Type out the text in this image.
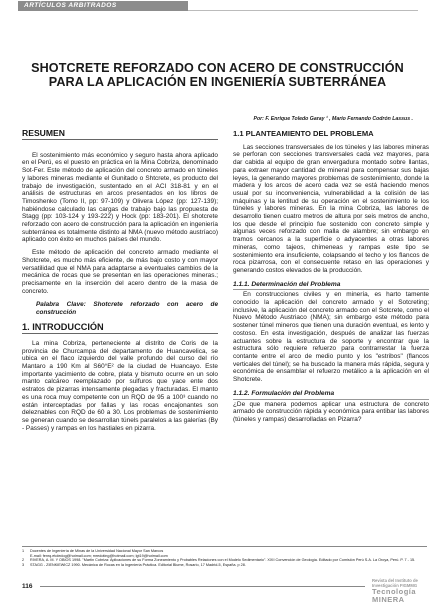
ARTÍCULOS ARBITRADOS
SHOTCRETE REFORZADO CON ACERO DE CONSTRUCCIÓN PARA LA APLICACIÓN EN INGENIERÍA SUBTERRÁNEA
Por: F. Enrique Toledo Garay ¹ , Mario Fernando Codrón Lassus .
RESUMEN

El sostenimiento más económico y seguro hasta ahora aplicado en el Perú, es el puesto en práctica en la Mina Cobriza, denominado Sot-Fer. Este método de aplicación del concreto armado en túneles y labores mineras mediante el Gunitado o Shtcrete, es producto del trabajo de investigación, sustentado en el ACI 318-81 y en el análisis de estructuras en arcos presentados en los libros de Timoshenko (Tomo II, pp: 97-109) y Olivera López (pp: 127-139); habiéndose calculado las cargas de trabajo bajo las propuesta de Stagg (pp: 103-124 y 193-222) y Hock (pp: 183-201). El shotcrete reforzado con acero de construcción para la aplicación en ingeniería subterránea es totalmente distinto al NMA (nuevo método austríaco) aplicado con éxito en muchos países del mundo.

Este método de aplicación del concreto armado mediante el Shotcrete, es mucho más eficiente, de más bajo costo y con mayor versatilidad que el NMA para adaptarse a eventuales cambios de la mecánica de rocas que se presentan en las operaciones mineras.; precisamente en la inserción del acero dentro de la masa de concreto.

Palabra Clave: Shotcrete reforzado con acero de construcción

1. INTRODUCCIÓN

La mina Cobriza, perteneciente al distrito de Coris de la provincia de Churcampa del departamento de Huancavelica, se ubica en el flaco izquierdo del valle profundo del curso del río Mantaro a 190 Km al S60°E² de la ciudad de Huancayo. Este importante yacimiento de cobre, plata y bismuto ocurre en un solo manto calcáreo reemplazado por sulfuros que yace ente dos estratos de pizarras intensamente plegadas y fracturadas. El manto es una roca muy competente con un RQD de 95 a 100³ cuando no están interceptadas por fallas y las rocas encajonantes son deleznables con RQD de 60 a 30. Los problemas de sostenimiento se generan cuando se desarrollan túnels paralelos a las galerías (By - Passes) y rampas en los hastiales en pizarra.

1.1 PLANTEAMIENTO DEL PROBLEMA

Las secciones transversales de los túneles y las labores mineras se perforan con secciones transversales cada vez mayores, para dar cabida al equipo de gran envergadura montado sobre llantas, para extraer mayor cantidad de mineral para compensar sus bajas leyes, la generando mayores problemas de sostenimiento, donde la madera y los arcos de acero cada vez se está haciendo menos usual por su inconveniencia, vulnerabilidad a la colisión de las máquinas y la lentitud de su operación en el sostenimiento le los túneles y labores mineras. En la mina Cobriza, las labores de desarrollo tienen cuatro metros de altura por seis metros de ancho, los que desde el principio fue sostenido con concreto simple y algunas veces reforzado con malla de alambre; sin embargo en tramos cercanos a la superficie o adyacentes a otras labores mineras, como tajeos, chimeneas y rampas este tipo se sostenimiento era insuficiente, colapsando el techo y los flancos de roca pizarrosa, con el consecuente retaso en las operaciones y generando costos elevados de la producción.

1.1.1. Determinación del Problema

En construcciones civiles y en minería, es harto tamente conocido la aplicación del concreto armado y el Sotcreting; inclusive, la aplicación del concreto armado con el Sotcrete, como el Nuevo Método Austriaco (NMA); sin embargo este método para sostener túnel mineros que tienen una duración eventual, es lento y costoso. En esta investigación, después de analizar las fuerzas actuantes sobre la estructura de soporte y encontrar que la estructura sólo requiere refuerzo para contrarrestar la fuerza contante entre el arco de medio punto y los "estribos" (flancos verticales del túnel); se ha buscado la manera más rápida, segura y económica de ensamblar el refuerzo metálico a la aplicación en el Shotcrete.

1.1.2. Formulación del Problema

¿De que manera podemos aplicar una estructura de concreto armado de construcción rápida y económica para entibar las labores (túneles y rampas) desarrolladas en Pizarra?

1	Docentes de Ingeniería de Minas de la Universidad Nacional Mayor San Marcos
E-mail: fenrq.etoledog@hotmail.com; mredoting@hotmail.com; lgt19@hotmail.com
2	RIVERA, A. M. Y OBIOS 1998. "Martin Cobriza: Aplicaciones de su Forma Zoneamiento y Probables Relaciones con el Modelo Sedimentario". XXII Convención de Geología. Editado por Comisión Perú S.A. La Oroya, Perú. P. 7 - 15.
3	STAGG - ZIENKIEWICZ 1990. Mecánica de Rocas en la Ingeniería Práctica. Editorial Blume, Rosario, 17 Madrid-5, España. p 28.
116
Revista del Instituto de Investigación FIGMMG
Tecnología MINERA
